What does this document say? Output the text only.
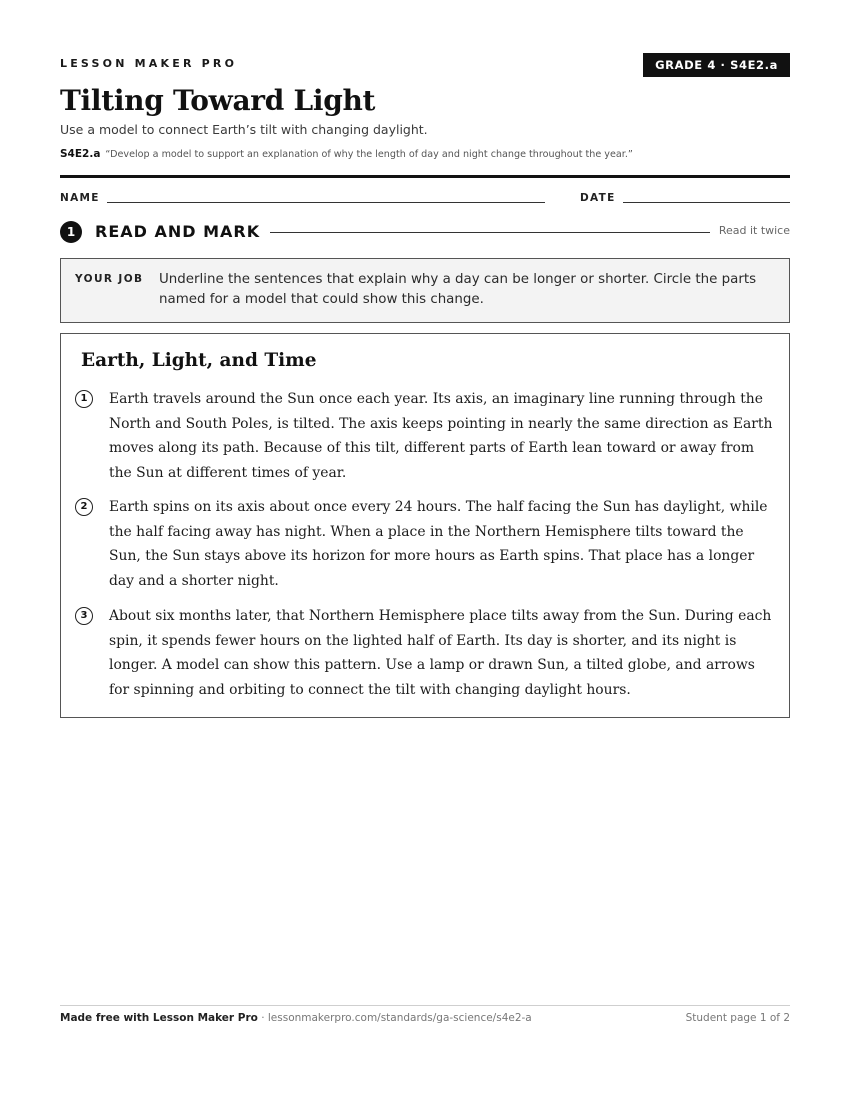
LESSON MAKER PRO	GRADE 4 · S4E2.a
Tilting Toward Light
Use a model to connect Earth’s tilt with changing daylight.
S4E2.a “Develop a model to support an explanation of why the length of day and night change throughout the year.”
NAME	DATE
1	READ AND MARK	Read it twice
YOUR JOB Underline the sentences that explain why a day can be longer or shorter. Circle the parts named for a model that could show this change.
Earth, Light, and Time
1	Earth travels around the Sun once each year. Its axis, an imaginary line running through the North and South Poles, is tilted. The axis keeps pointing in nearly the same direction as Earth moves along its path. Because of this tilt, different parts of Earth lean toward or away from the Sun at different times of year.

2	Earth spins on its axis about once every 24 hours. The half facing the Sun has daylight, while the half facing away has night. When a place in the Northern Hemisphere tilts toward the Sun, the Sun stays above its horizon for more hours as Earth spins. That place has a longer day and a shorter night.

3	About six months later, that Northern Hemisphere place tilts away from the Sun. During each spin, it spends fewer hours on the lighted half of Earth. Its day is shorter, and its night is longer. A model can show this pattern. Use a lamp or drawn Sun, a tilted globe, and arrows for spinning and orbiting to connect the tilt with changing daylight hours.

Made free with Lesson Maker Pro · lessonmakerpro.com/standards/ga-science/s4e2-a	Student page 1 of 2
